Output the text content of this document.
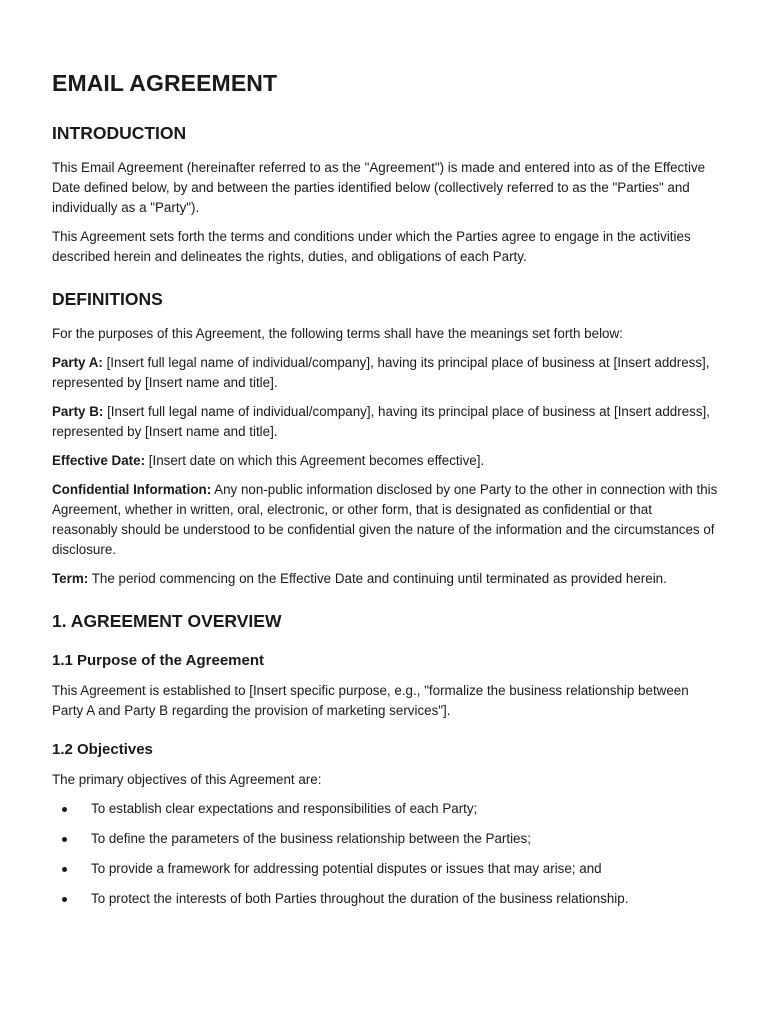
EMAIL AGREEMENT
INTRODUCTION

This Email Agreement (hereinafter referred to as the "Agreement") is made and entered into as of the Effective Date defined below, by and between the parties identified below (collectively referred to as the "Parties" and individually as a "Party").

This Agreement sets forth the terms and conditions under which the Parties agree to engage in the activities described herein and delineates the rights, duties, and obligations of each Party.

DEFINITIONS

For the purposes of this Agreement, the following terms shall have the meanings set forth below:

Party A: [Insert full legal name of individual/company], having its principal place of business at [Insert address], represented by [Insert name and title].

Party B: [Insert full legal name of individual/company], having its principal place of business at [Insert address], represented by [Insert name and title].

Effective Date: [Insert date on which this Agreement becomes effective].

Confidential Information: Any non-public information disclosed by one Party to the other in connection with this Agreement, whether in written, oral, electronic, or other form, that is designated as confidential or that reasonably should be understood to be confidential given the nature of the information and the circumstances of disclosure.

Term: The period commencing on the Effective Date and continuing until terminated as provided herein.

1. AGREEMENT OVERVIEW
1.1 Purpose of the Agreement

This Agreement is established to [Insert specific purpose, e.g., "formalize the business relationship between Party A and Party B regarding the provision of marketing services"].

1.2 Objectives

The primary objectives of this Agreement are:

To establish clear expectations and responsibilities of each Party;
To define the parameters of the business relationship between the Parties;
To provide a framework for addressing potential disputes or issues that may arise; and
To protect the interests of both Parties throughout the duration of the business relationship.
